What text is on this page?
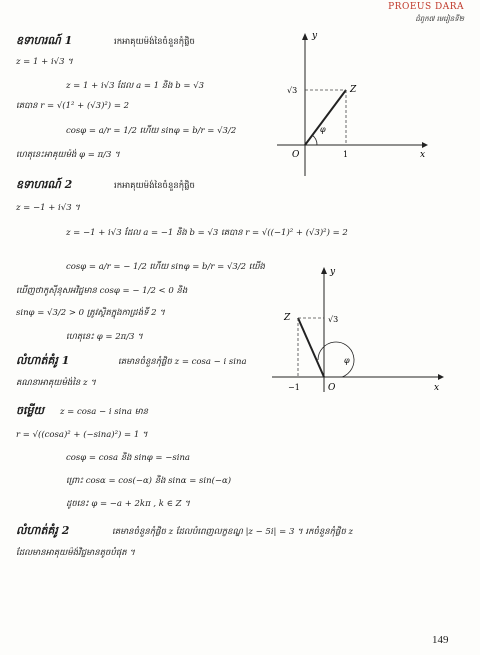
PROEUS DARA
ជំពូក៧ មេរៀនទី២
ឧទាហរណ៍ 1	រកអាគុយម៉ង់នៃចំនួនកុំផ្លិច
z = 1 + i√3 ។
z = 1 + i√3 ដែល a = 1 និង b = √3
គេបាន r = √(1² + (√3)²) = 2
cosφ = a/r = 1/2 ហើយ sinφ = b/r = √3/2
ហេតុនេះអាគុយម៉ង់ φ = π/3 ។
y
x
O
Z
φ
√3
1
ឧទាហរណ៍ 2	រកអាគុយម៉ង់នៃចំនួនកុំផ្លិច
z = −1 + i√3 ។
z = −1 + i√3 ដែល a = −1 និង b = √3 គេបាន r = √((−1)² + (√3)²) = 2
cosφ = a/r = − 1/2 ហើយ sinφ = b/r = √3/2 យើង
ឃើញថាកូស៊ីនុសអវិជ្ជមាន cosφ = − 1/2 < 0 និង
sinφ = √3/2 > 0 ត្រូវស្ថិតក្នុងកាដ្រង់ទី 2 ។
ហេតុនេះ φ = 2π/3 ។
y
x
O
Z
φ
√3
−1
លំហាត់គំរូ 1	គេមានចំនួនកុំផ្លិច z = cosa − i sina
គណនាអាគុយម៉ង់នៃ z ។
ចម្លើយ z = cosa − i sina មាន
r = √((cosa)² + (−sina)²) = 1 ។
cosφ = cosa និង sinφ = −sina
ព្រោះ cosα = cos(−α) និង sinα = sin(−α)
ដូចនេះ φ = −a + 2kπ , k ∈ Z ។
លំហាត់គំរូ 2	គេមានចំនួនកុំផ្លិច z ដែលបំពេញលក្ខខណ្ឌ |z − 5i| = 3 ។ រកចំនួនកុំផ្លិច z
ដែលមានអាគុយម៉ង់វិជ្ជមានតូចបំផុត ។
149
